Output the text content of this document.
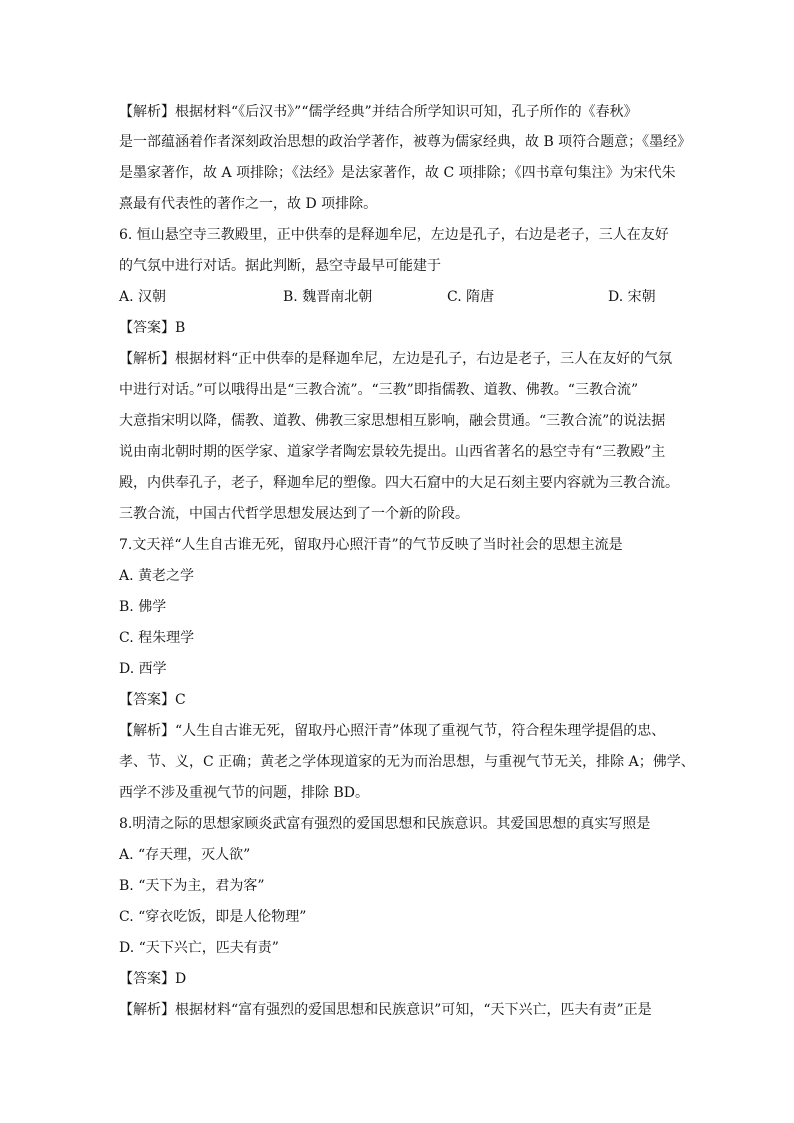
【解析】根据材料“《后汉书》”“儒学经典”并结合所学知识可知，孔子所作的《春秋》
是一部蕴涵着作者深刻政治思想的政治学著作，被尊为儒家经典，故 B 项符合题意；《墨经》
是墨家著作，故 A 项排除；《法经》是法家著作，故 C 项排除；《四书章句集注》为宋代朱
熹最有代表性的著作之一，故 D 项排除。
6. 恒山悬空寺三教殿里，正中供奉的是释迦牟尼，左边是孔子，右边是老子，三人在友好
的气氛中进行对话。据此判断，悬空寺最早可能建于
A. 汉朝	B. 魏晋南北朝	C. 隋唐	D. 宋朝
【答案】B
【解析】根据材料“正中供奉的是释迦牟尼，左边是孔子，右边是老子，三人在友好的气氛
中进行对话。”可以哦得出是“三教合流”。“三教”即指儒教、道教、佛教。“三教合流”
大意指宋明以降，儒教、道教、佛教三家思想相互影响，融会贯通。“三教合流”的说法据
说由南北朝时期的医学家、道家学者陶宏景较先提出。山西省著名的悬空寺有“三教殿”主
殿，内供奉孔子，老子，释迦牟尼的塑像。四大石窟中的大足石刻主要内容就为三教合流。
三教合流，中国古代哲学思想发展达到了一个新的阶段。
7.文天祥“人生自古谁无死，留取丹心照汗青”的气节反映了当时社会的思想主流是
A. 黄老之学
B. 佛学
C. 程朱理学
D. 西学
【答案】C
【解析】“人生自古谁无死，留取丹心照汗青”体现了重视气节，符合程朱理学提倡的忠、
孝、节、义，C 正确；黄老之学体现道家的无为而治思想，与重视气节无关，排除 A；佛学、
西学不涉及重视气节的问题，排除 BD。
8.明清之际的思想家顾炎武富有强烈的爱国思想和民族意识。其爱国思想的真实写照是
A. “存天理，灭人欲”
B. “天下为主，君为客”
C. “穿衣吃饭，即是人伦物理”
D. “天下兴亡，匹夫有责”
【答案】D
【解析】根据材料“富有强烈的爱国思想和民族意识”可知，“天下兴亡，匹夫有责”正是
